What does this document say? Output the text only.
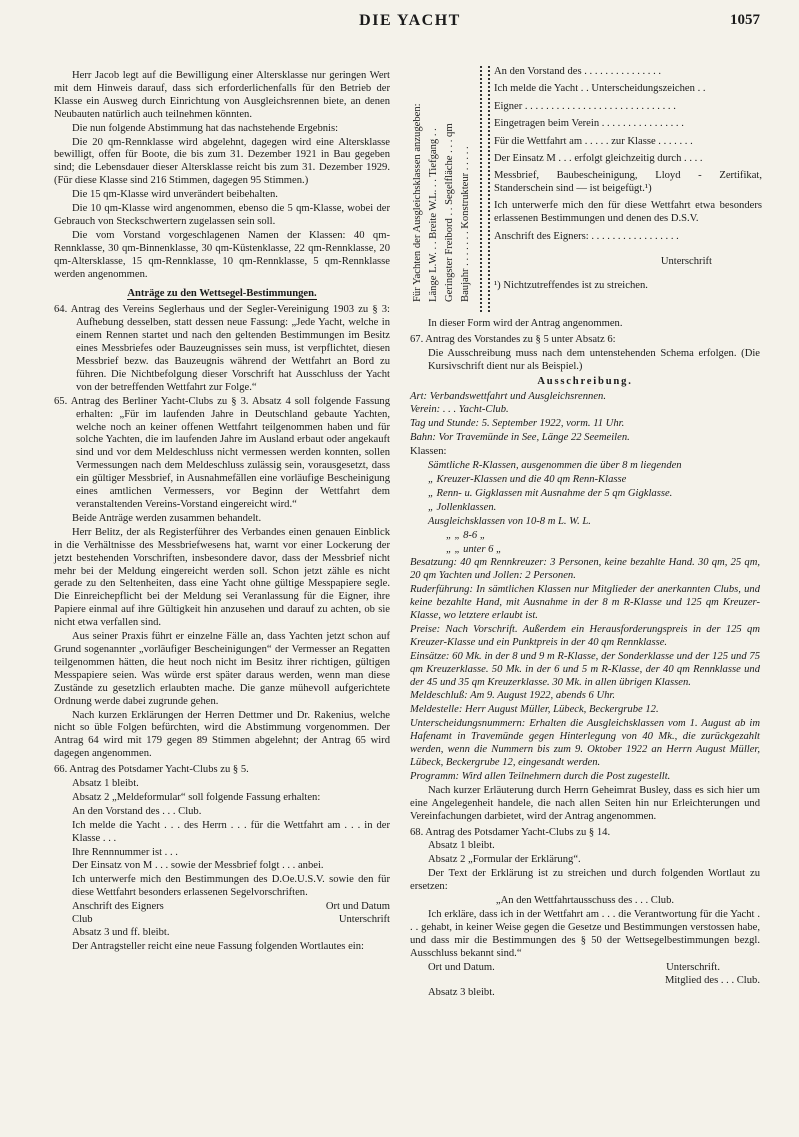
DIE YACHT	1057
Für Yachten der Ausgleichsklassen anzugeben: Länge L.W. . . Breite W.L. . . Tiefgang . . Geringster Freibord . . Segelfläche . . . qm Baujahr . . . . . . . Konstrukteur . . . . .
An den Vorstand des . . . . . . . . . . . . . . .
Ich melde die Yacht . . Unterscheidungszeichen . .
Eigner . . . . . . . . . . . . . . . . . . . . . . . . . . . . .
Eingetragen beim Verein . . . . . . . . . . . . . . . .
Für die Wettfahrt am . . . . . zur Klasse . . . . . . .
Der Einsatz M . . . erfolgt gleichzeitig durch . . . .
Messbrief, Baubescheinigung, Lloyd - Zertifikat, Standerschein sind — ist beigefügt.¹)
Ich unterwerfe mich den für diese Wettfahrt etwa besonders erlassenen Bestimmungen und denen des D.S.V.
Anschrift des Eigners: . . . . . . . . . . . . . . . . .
Unterschrift
¹) Nichtzutreffendes ist zu streichen.

Herr Jacob legt auf die Bewilligung einer Altersklasse nur geringen Wert mit dem Hinweis darauf, dass sich erforderlichenfalls für den Betrieb der Klasse ein Ausweg durch Einrichtung von Ausgleichsrennen biete, an denen Neubauten natürlich auch teilnehmen könnten.

Die nun folgende Abstimmung hat das nachstehende Ergebnis:

Die 20 qm-Rennklasse wird abgelehnt, dagegen wird eine Altersklasse bewilligt, offen für Boote, die bis zum 31. Dezember 1921 in Bau gegeben sind; die Lebensdauer dieser Altersklasse reicht bis zum 31. Dezember 1929. (Für diese Klasse sind 216 Stimmen, dagegen 95 Stimmen.)

Die 15 qm-Klasse wird unverändert beibehalten.

Die 10 qm-Klasse wird angenommen, ebenso die 5 qm-Klasse, wobei der Gebrauch von Steckschwertern zugelassen sein soll.

Die vom Vorstand vorgeschlagenen Namen der Klassen: 40 qm-Rennklasse, 30 qm-Binnenklasse, 30 qm-Küstenklasse, 22 qm-Rennklasse, 20 qm-Altersklasse, 15 qm-Rennklasse, 10 qm-Rennklasse, 5 qm-Rennklasse werden angenommen.

Anträge zu den Wettsegel-Bestimmungen.

64. Antrag des Vereins Seglerhaus und der Segler-Vereinigung 1903 zu § 3: Aufhebung desselben, statt dessen neue Fassung: „Jede Yacht, welche in einem Rennen startet und nach den geltenden Bestimmungen im Besitz eines Messbriefes oder Bauzeugnisses sein muss, ist verpflichtet, diesen Messbrief bezw. das Bauzeugnis während der Wettfahrt an Bord zu führen. Die Nichtbefolgung dieser Vorschrift hat Ausschluss der Yacht von der betreffenden Wettfahrt zur Folge.“

65. Antrag des Berliner Yacht-Clubs zu § 3. Absatz 4 soll folgende Fassung erhalten: „Für im laufenden Jahre in Deutschland gebaute Yachten, welche noch an keiner offenen Wettfahrt teilgenommen haben und für solche Yachten, die im laufenden Jahre im Ausland erbaut oder angekauft sind und vor dem Meldeschluss nicht vermessen werden konnten, sollen Vermessungen nach dem Meldeschluss zulässig sein, vorausgesetzt, dass ein gültiger Messbrief, in Ausnahmefällen eine vorläufige Bescheinigung eines amtlichen Vermessers, vor Beginn der Wettfahrt dem veranstaltenden Vereins-Vorstand eingereicht wird.“

Beide Anträge werden zusammen behandelt.

Herr Belitz, der als Registerführer des Verbandes einen genauen Einblick in die Verhältnisse des Messbriefwesens hat, warnt vor einer Lockerung der jetzt bestehenden Vorschriften, insbesondere davor, dass der Messbrief nicht mehr bei der Meldung eingereicht werden soll. Schon jetzt zähle es nicht gerade zu den Seltenheiten, dass eine Yacht ohne gültige Messpapiere segle. Die Einreichepflicht bei der Meldung sei Veranlassung für die Eigner, ihre Papiere einmal auf ihre Gültigkeit hin anzusehen und darauf zu achten, ob sie nicht etwa verfallen sind.

Aus seiner Praxis führt er einzelne Fälle an, dass Yachten jetzt schon auf Grund sogenannter „vorläufiger Bescheinigungen“ der Vermesser an Regatten teilgenommen hätten, die heut noch nicht im Besitz ihrer richtigen, gültigen Messpapiere seien. Was würde erst später daraus werden, wenn man diese Zustände zu gesetzlich erlaubten mache. Die ganze mühevoll aufgerichtete Ordnung werde dabei zugrunde gehen.

Nach kurzen Erklärungen der Herren Dettmer und Dr. Rakenius, welche nicht so üble Folgen befürchten, wird die Abstimmung vorgenommen. Der Antrag 64 wird mit 179 gegen 89 Stimmen abgelehnt; der Antrag 65 wird dagegen angenommen.

66. Antrag des Potsdamer Yacht-Clubs zu § 5.

Absatz 1 bleibt.

Absatz 2 „Meldeformular“ soll folgende Fassung erhalten:

An den Vorstand des . . . Club.

Ich melde die Yacht . . . des Herrn . . . für die Wettfahrt am . . . in der Klasse . . .

Ihre Rennnummer ist . . .

Der Einsatz von M . . . sowie der Messbrief folgt . . . anbei.

Ich unterwerfe mich den Bestimmungen des D.Oe.U.S.V. sowie den für diese Wettfahrt besonders erlassenen Segelvorschriften.

Anschrift des Eigners	Ort und Datum
Club	Unterschrift

Absatz 3 und ff. bleibt.

Der Antragsteller reicht eine neue Fassung folgenden Wortlautes ein:

In dieser Form wird der Antrag angenommen.

67. Antrag des Vorstandes zu § 5 unter Absatz 6:

Die Ausschreibung muss nach dem untenstehenden Schema erfolgen. (Die Kursivschrift dient nur als Beispiel.)

Ausschreibung.

Art: Verbandswettfahrt und Ausgleichsrennen.

Verein: . . . Yacht-Club.

Tag und Stunde: 5. September 1922, vorm. 11 Uhr.

Bahn: Vor Travemünde in See, Länge 22 Seemeilen.

Klassen:

Sämtliche R-Klassen, ausgenommen die über 8 m liegenden

„ Kreuzer-Klassen und die 40 qm Renn-Klasse

„ Renn- u. Gigklassen mit Ausnahme der 5 qm Gigklasse.

„ Jollenklassen.

Ausgleichsklassen von 10-8 m L. W. L.

„ „ 8-6 „

„ „ unter 6 „

Besatzung: 40 qm Rennkreuzer: 3 Personen, keine bezahlte Hand. 30 qm, 25 qm, 20 qm Yachten und Jollen: 2 Personen.

Ruderführung: In sämtlichen Klassen nur Mitglieder der anerkannten Clubs, und keine bezahlte Hand, mit Ausnahme in der 8 m R-Klasse und 125 qm Kreuzer-Klasse, wo letztere erlaubt ist.

Preise: Nach Vorschrift. Außerdem ein Herausforderungspreis in der 125 qm Kreuzer-Klasse und ein Punktpreis in der 40 qm Rennklasse.

Einsätze: 60 Mk. in der 8 und 9 m R-Klasse, der Sonderklasse und der 125 und 75 qm Kreuzerklasse. 50 Mk. in der 6 und 5 m R-Klasse, der 40 qm Rennklasse und der 45 und 35 qm Kreuzerklasse. 30 Mk. in allen übrigen Klassen.

Meldeschluß: Am 9. August 1922, abends 6 Uhr.

Meldestelle: Herr August Müller, Lübeck, Beckergrube 12.

Unterscheidungsnummern: Erhalten die Ausgleichsklassen vom 1. August ab im Hafenamt in Travemünde gegen Hinterlegung von 40 Mk., die zurückgezahlt werden, wenn die Nummern bis zum 9. Oktober 1922 an Herrn August Müller, Lübeck, Beckergrube 12, eingesandt werden.

Programm: Wird allen Teilnehmern durch die Post zugestellt.

Nach kurzer Erläuterung durch Herrn Geheimrat Busley, dass es sich hier um eine Angelegenheit handele, die nach allen Seiten hin nur Erleichterungen und Vereinfachungen darbietet, wird der Antrag angenommen.

68. Antrag des Potsdamer Yacht-Clubs zu § 14.

Absatz 1 bleibt.

Absatz 2 „Formular der Erklärung“.

Der Text der Erklärung ist zu streichen und durch folgenden Wortlaut zu ersetzen:

„An den Wettfahrtausschuss des . . . Club.

Ich erkläre, dass ich in der Wettfahrt am . . . die Verantwortung für die Yacht . . . gehabt, in keiner Weise gegen die Gesetze und Bestimmungen verstossen habe, und dass mir die Bestimmungen des § 50 der Wettsegelbestimmungen bezgl. Ausschluss bekannt sind.“

Ort und Datum.	Unterschrift.
Mitglied des . . . Club.

Absatz 3 bleibt.
